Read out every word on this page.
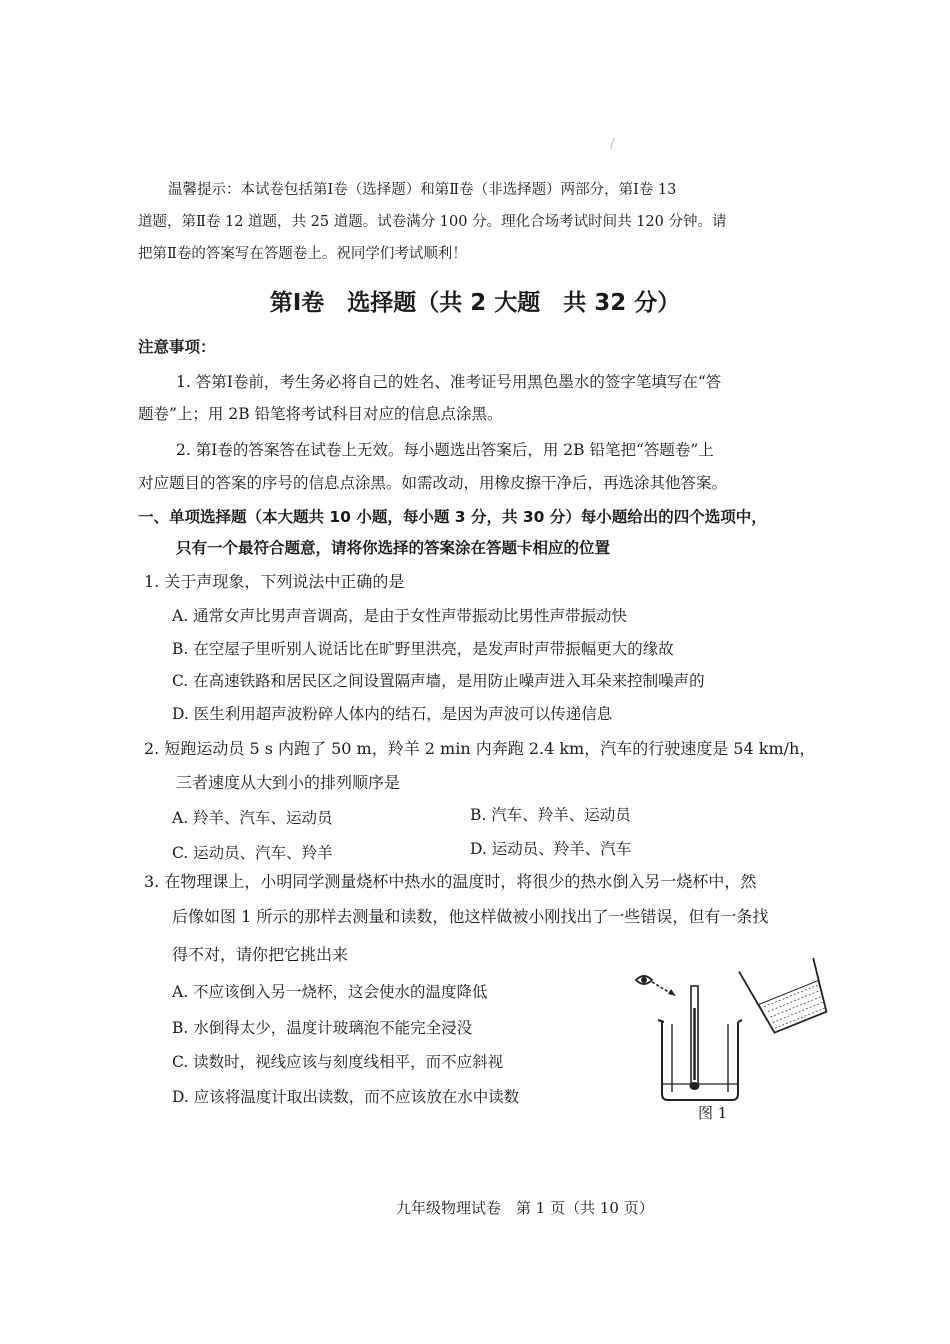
温馨提示：本试卷包括第Ⅰ卷（选择题）和第Ⅱ卷（非选择题）两部分，第Ⅰ卷 13
道题，第Ⅱ卷 12 道题，共 25 道题。试卷满分 100 分。理化合场考试时间共 120 分钟。请
把第Ⅱ卷的答案写在答题卷上。祝同学们考试顺利！
第Ⅰ卷　选择题（共 2 大题　共 32 分）
注意事项：
1. 答第Ⅰ卷前，考生务必将自己的姓名、准考证号用黑色墨水的签字笔填写在“答
题卷”上；用 2B 铅笔将考试科目对应的信息点涂黑。
2. 第Ⅰ卷的答案答在试卷上无效。每小题选出答案后，用 2B 铅笔把“答题卷”上
对应题目的答案的序号的信息点涂黑。如需改动，用橡皮擦干净后，再选涂其他答案。
一、单项选择题（本大题共 10 小题，每小题 3 分，共 30 分）每小题给出的四个选项中，
只有一个最符合题意，请将你选择的答案涂在答题卡相应的位置
1. 关于声现象，下列说法中正确的是
A. 通常女声比男声音调高，是由于女性声带振动比男性声带振动快
B. 在空屋子里听别人说话比在旷野里洪亮，是发声时声带振幅更大的缘故
C. 在高速铁路和居民区之间设置隔声墙，是用防止噪声进入耳朵来控制噪声的
D. 医生利用超声波粉碎人体内的结石，是因为声波可以传递信息
2. 短跑运动员 5 s 内跑了 50 m，羚羊 2 min 内奔跑 2.4 km，汽车的行驶速度是 54 km/h，
三者速度从大到小的排列顺序是
A. 羚羊、汽车、运动员	B. 汽车、羚羊、运动员
C. 运动员、汽车、羚羊	D. 运动员、羚羊、汽车
3. 在物理课上，小明同学测量烧杯中热水的温度时，将很少的热水倒入另一烧杯中，然
后像如图 1 所示的那样去测量和读数，他这样做被小刚找出了一些错误，但有一条找
得不对，请你把它挑出来
A. 不应该倒入另一烧杯，这会使水的温度降低
B. 水倒得太少，温度计玻璃泡不能完全浸没
C. 读数时，视线应该与刻度线相平，而不应斜视
D. 应该将温度计取出读数，而不应该放在水中读数
图 1
/
九年级物理试卷　第 1 页（共 10 页）
